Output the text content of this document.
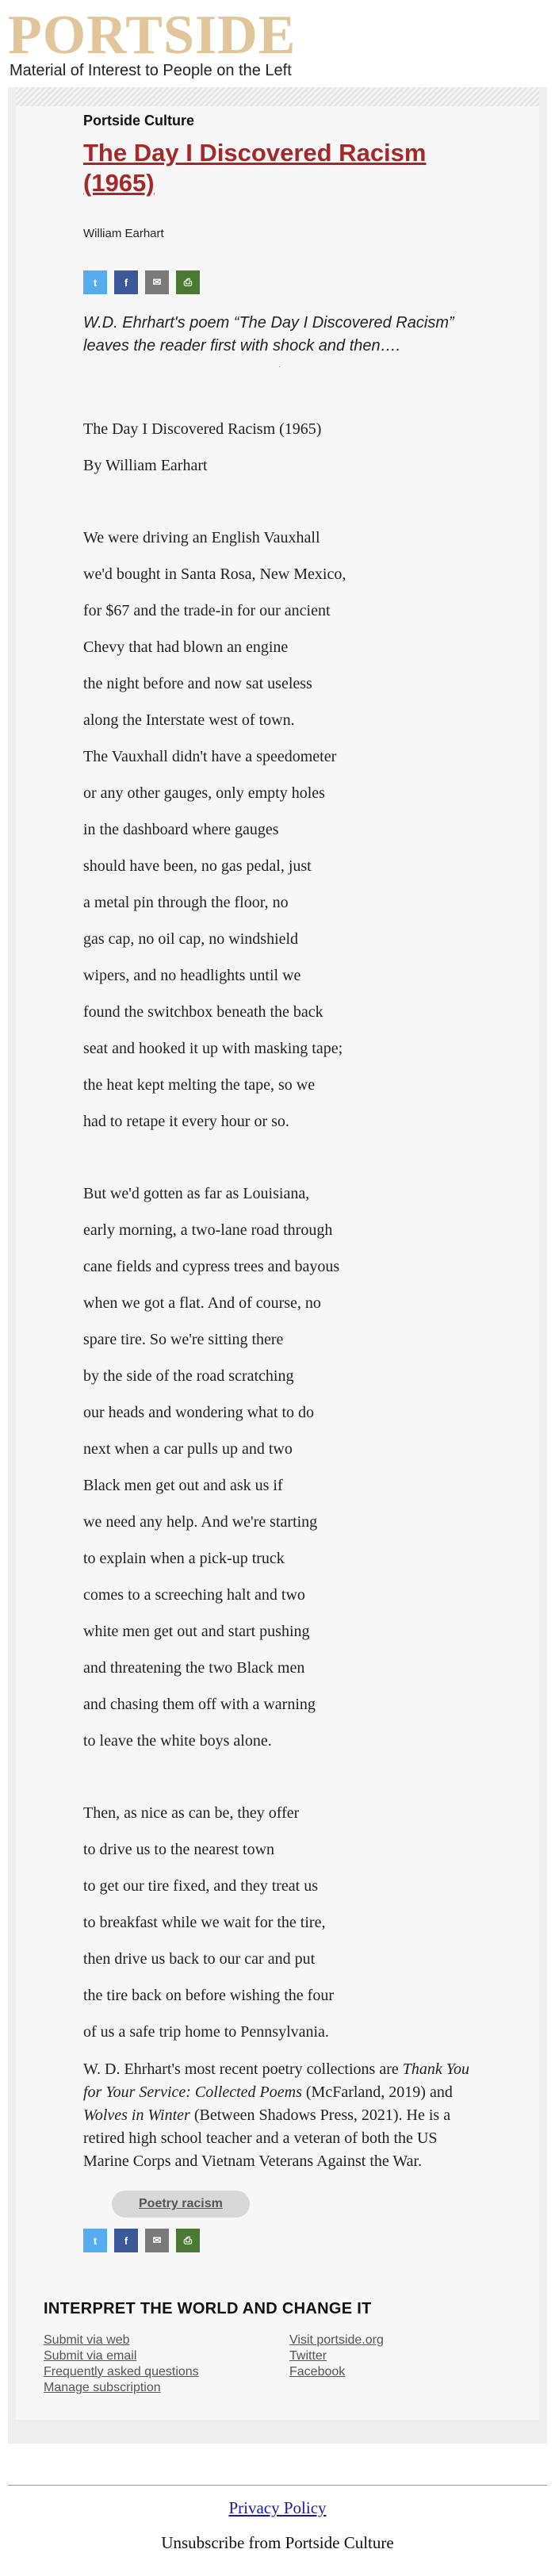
PORTSIDE
Material of Interest to People on the Left
Portside Culture
The Day I Discovered Racism (1965)
William Earhart
t	f ✉ ⎙
W.D. Ehrhart's poem “The Day I Discovered Racism” leaves the reader first with shock and then….
·

The Day I Discovered Racism (1965)

By William Earhart

We were driving an English Vauxhall

we'd bought in Santa Rosa, New Mexico,

for $67 and the trade-in for our ancient

Chevy that had blown an engine

the night before and now sat useless

along the Interstate west of town.

The Vauxhall didn't have a speedometer

or any other gauges, only empty holes

in the dashboard where gauges

should have been, no gas pedal, just

a metal pin through the floor, no

gas cap, no oil cap, no windshield

wipers, and no headlights until we

found the switchbox beneath the back

seat and hooked it up with masking tape;

the heat kept melting the tape, so we

had to retape it every hour or so.

But we'd gotten as far as Louisiana,

early morning, a two-lane road through

cane fields and cypress trees and bayous

when we got a flat. And of course, no

spare tire. So we're sitting there

by the side of the road scratching

our heads and wondering what to do

next when a car pulls up and two

Black men get out and ask us if

we need any help. And we're starting

to explain when a pick-up truck

comes to a screeching halt and two

white men get out and start pushing

and threatening the two Black men

and chasing them off with a warning

to leave the white boys alone.

Then, as nice as can be, they offer

to drive us to the nearest town

to get our tire fixed, and they treat us

to breakfast while we wait for the tire,

then drive us back to our car and put

the tire back on before wishing the four

of us a safe trip home to Pennsylvania.

W. D. Ehrhart's most recent poetry collections are Thank You for Your Service: Collected Poems (McFarland, 2019) and Wolves in Winter (Between Shadows Press, 2021). He is a retired high school teacher and a veteran of both the US Marine Corps and Vietnam Veterans Against the War.

Poetry racism
t	f ✉ ⎙
INTERPRET THE WORLD AND CHANGE IT
Submit via web
Submit via email
Frequently asked questions
Manage subscription
Visit portside.org
Twitter
Facebook
Privacy Policy
Unsubscribe from Portside Culture
